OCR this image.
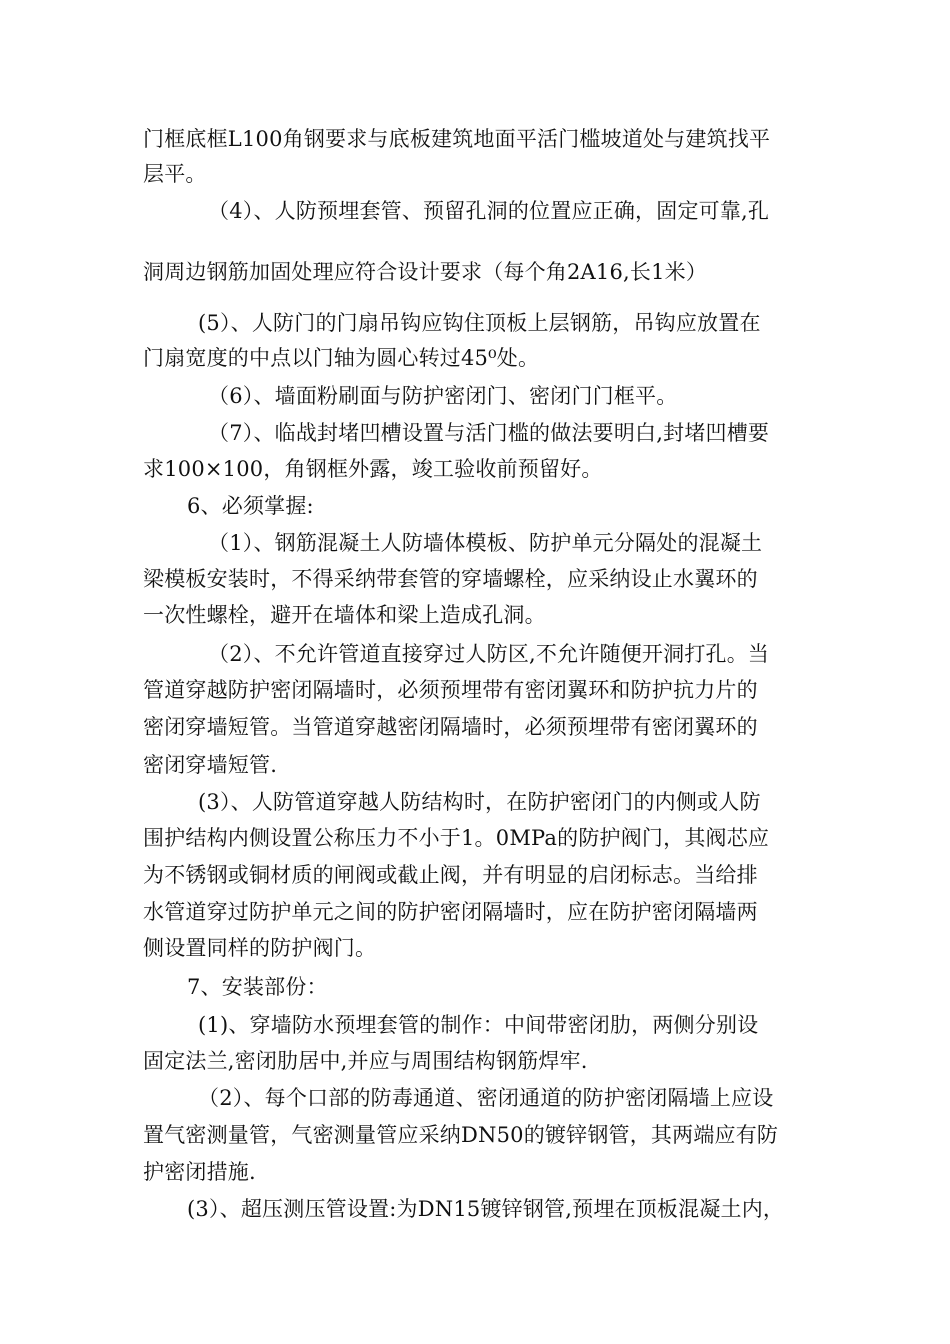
门框底框L100角钢要求与底板建筑地面平活门槛坡道处与建筑找平
层平。
（4）、人防预埋套管、预留孔洞的位置应正确，固定可靠,孔
洞周边钢筋加固处理应符合设计要求（每个角2A16,长1米）
(5）、人防门的门扇吊钩应钩住顶板上层钢筋，吊钩应放置在
门扇宽度的中点以门轴为圆心转过45⁰处。
（6）、墙面粉刷面与防护密闭门、密闭门门框平。
（7）、临战封堵凹槽设置与活门槛的做法要明白,封堵凹槽要
求100×100，角钢框外露，竣工验收前预留好。
6、必须掌握:
（1）、钢筋混凝土人防墙体模板、防护单元分隔处的混凝土
梁模板安装时，不得采纳带套管的穿墙螺栓，应采纳设止水翼环的
一次性螺栓，避开在墙体和梁上造成孔洞。
（2）、不允许管道直接穿过人防区,不允许随便开洞打孔。当
管道穿越防护密闭隔墙时，必须预埋带有密闭翼环和防护抗力片的
密闭穿墙短管。当管道穿越密闭隔墙时，必须预埋带有密闭翼环的
密闭穿墙短管.
(3）、人防管道穿越人防结构时，在防护密闭门的内侧或人防
围护结构内侧设置公称压力不小于1。0MPa的防护阀门，其阀芯应
为不锈钢或铜材质的闸阀或截止阀，并有明显的启闭标志。当给排
水管道穿过防护单元之间的防护密闭隔墙时，应在防护密闭隔墙两
侧设置同样的防护阀门。
7、安装部份：
(1)、穿墙防水预埋套管的制作：中间带密闭肋，两侧分别设
固定法兰,密闭肋居中,并应与周围结构钢筋焊牢.
（2）、每个口部的防毒通道、密闭通道的防护密闭隔墙上应设
置气密测量管，气密测量管应采纳DN50的镀锌钢管，其两端应有防
护密闭措施.
(3）、超压测压管设置:为DN15镀锌钢管,预埋在顶板混凝土内，
